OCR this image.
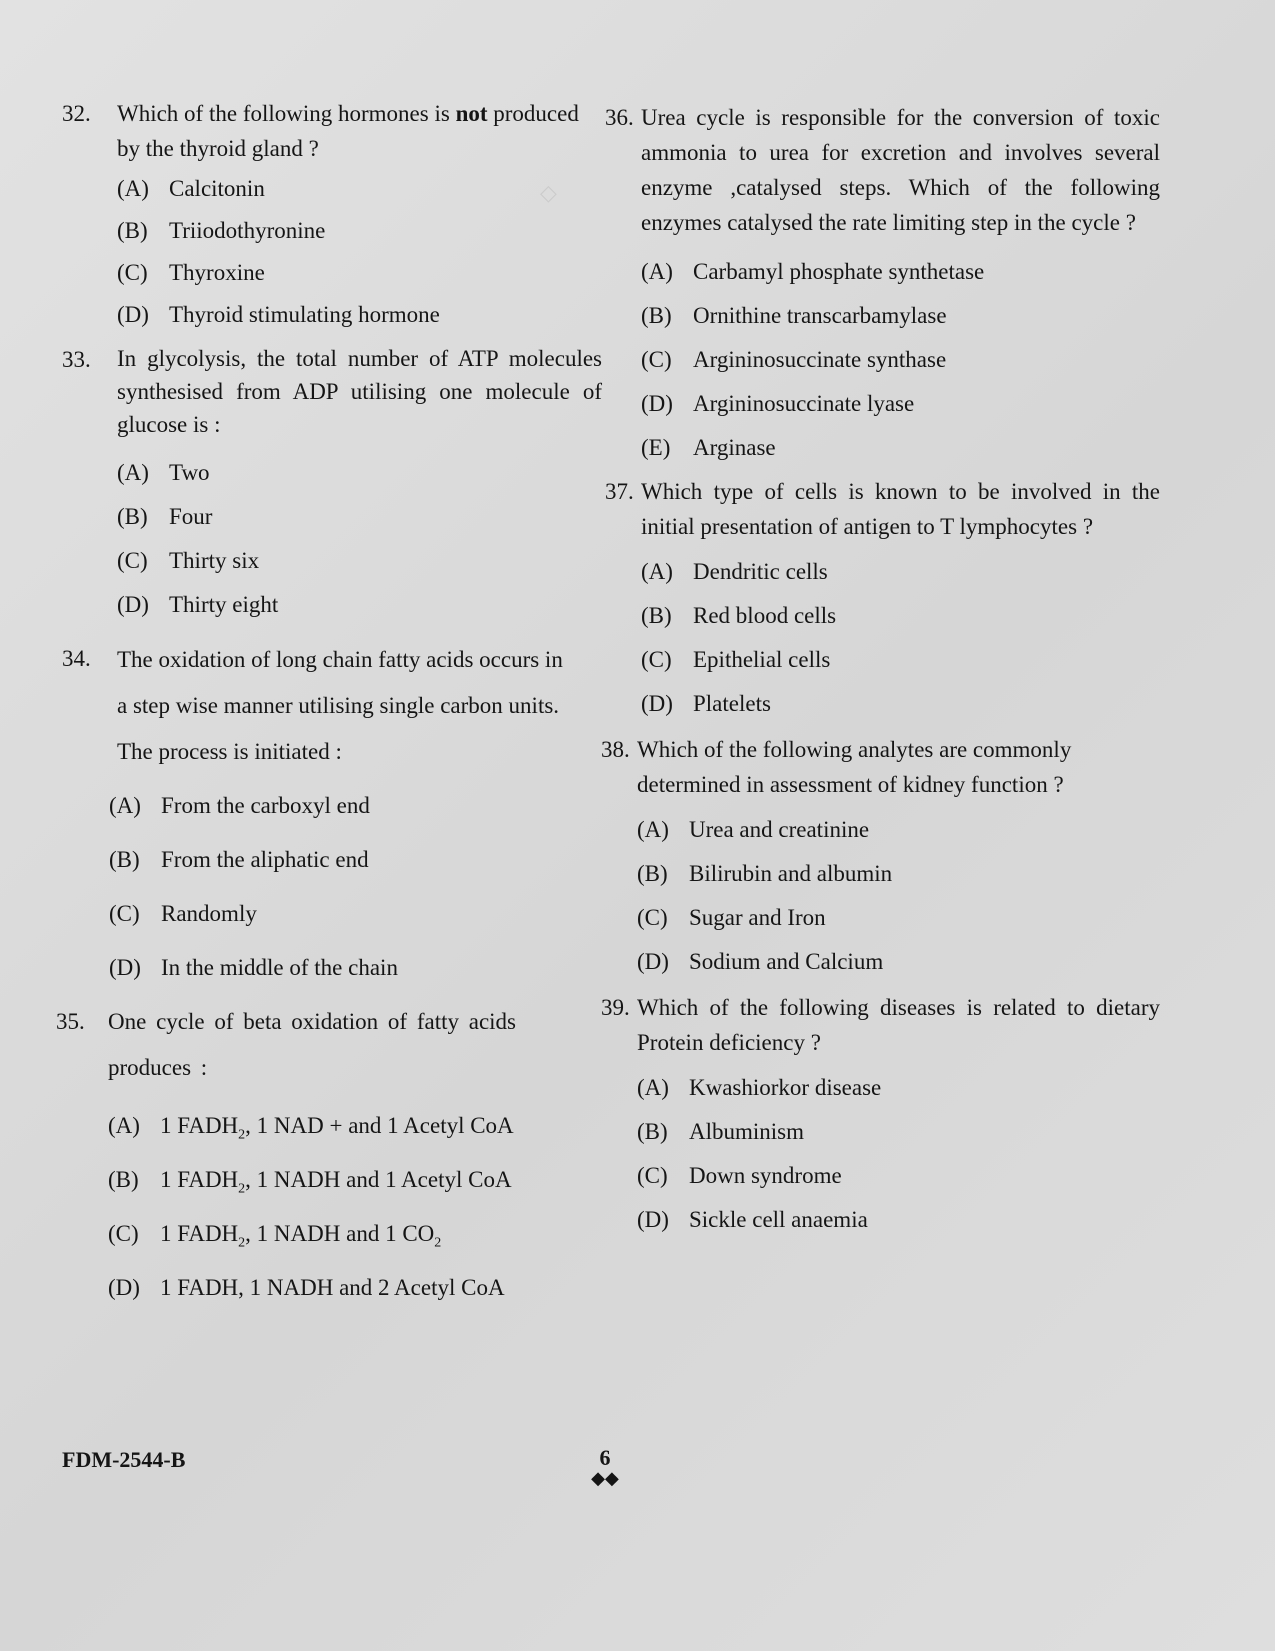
◇
32. Which of the following hormones is not produced by the thyroid gland ?
(A) Calcitonin
(B) Triiodothyronine
(C) Thyroxine
(D) Thyroid stimulating hormone
33. In glycolysis, the total number of ATP molecules synthesised from ADP utilising one molecule of glucose is :
(A) Two
(B) Four
(C) Thirty six
(D) Thirty eight
34. The oxidation of long chain fatty acids occurs in

a step wise manner utilising single carbon units.

The process is initiated :

(A) From the carboxyl end
(B) From the aliphatic end
(C) Randomly
(D) In the middle of the chain
35. One cycle of beta oxidation of fatty acids

produces :

(A) 1 $FADH_2$, 1 NAD + and 1 Acetyl CoA
(B) 1 $FADH_2$, 1 NADH and 1 Acetyl CoA
(C) 1 $FADH_2$, 1 NADH and 1 $CO_2$
(D) 1 FADH, 1 NADH and 2 Acetyl CoA
36. Urea cycle is responsible for the conversion of toxic ammonia to urea for excretion and involves several enzyme ,catalysed steps. Which of the following enzymes catalysed the rate limiting step in the cycle ?
(A) Carbamyl phosphate synthetase
(B) Ornithine transcarbamylase
(C) Argininosuccinate synthase
(D) Argininosuccinate lyase
(E) Arginase
37. Which type of cells is known to be involved in the initial presentation of antigen to T lymphocytes ?
(A) Dendritic cells
(B) Red blood cells
(C) Epithelial cells
(D) Platelets
38. Which of the following analytes are commonly determined in assessment of kidney function ?
(A) Urea and creatinine
(B) Bilirubin and albumin
(C) Sugar and Iron
(D) Sodium and Calcium
39. Which of the following diseases is related to dietary Protein deficiency ?
(A) Kwashiorkor disease
(B) Albuminism
(C) Down syndrome
(D) Sickle cell anaemia
FDM-2544-B	6
◆◆
